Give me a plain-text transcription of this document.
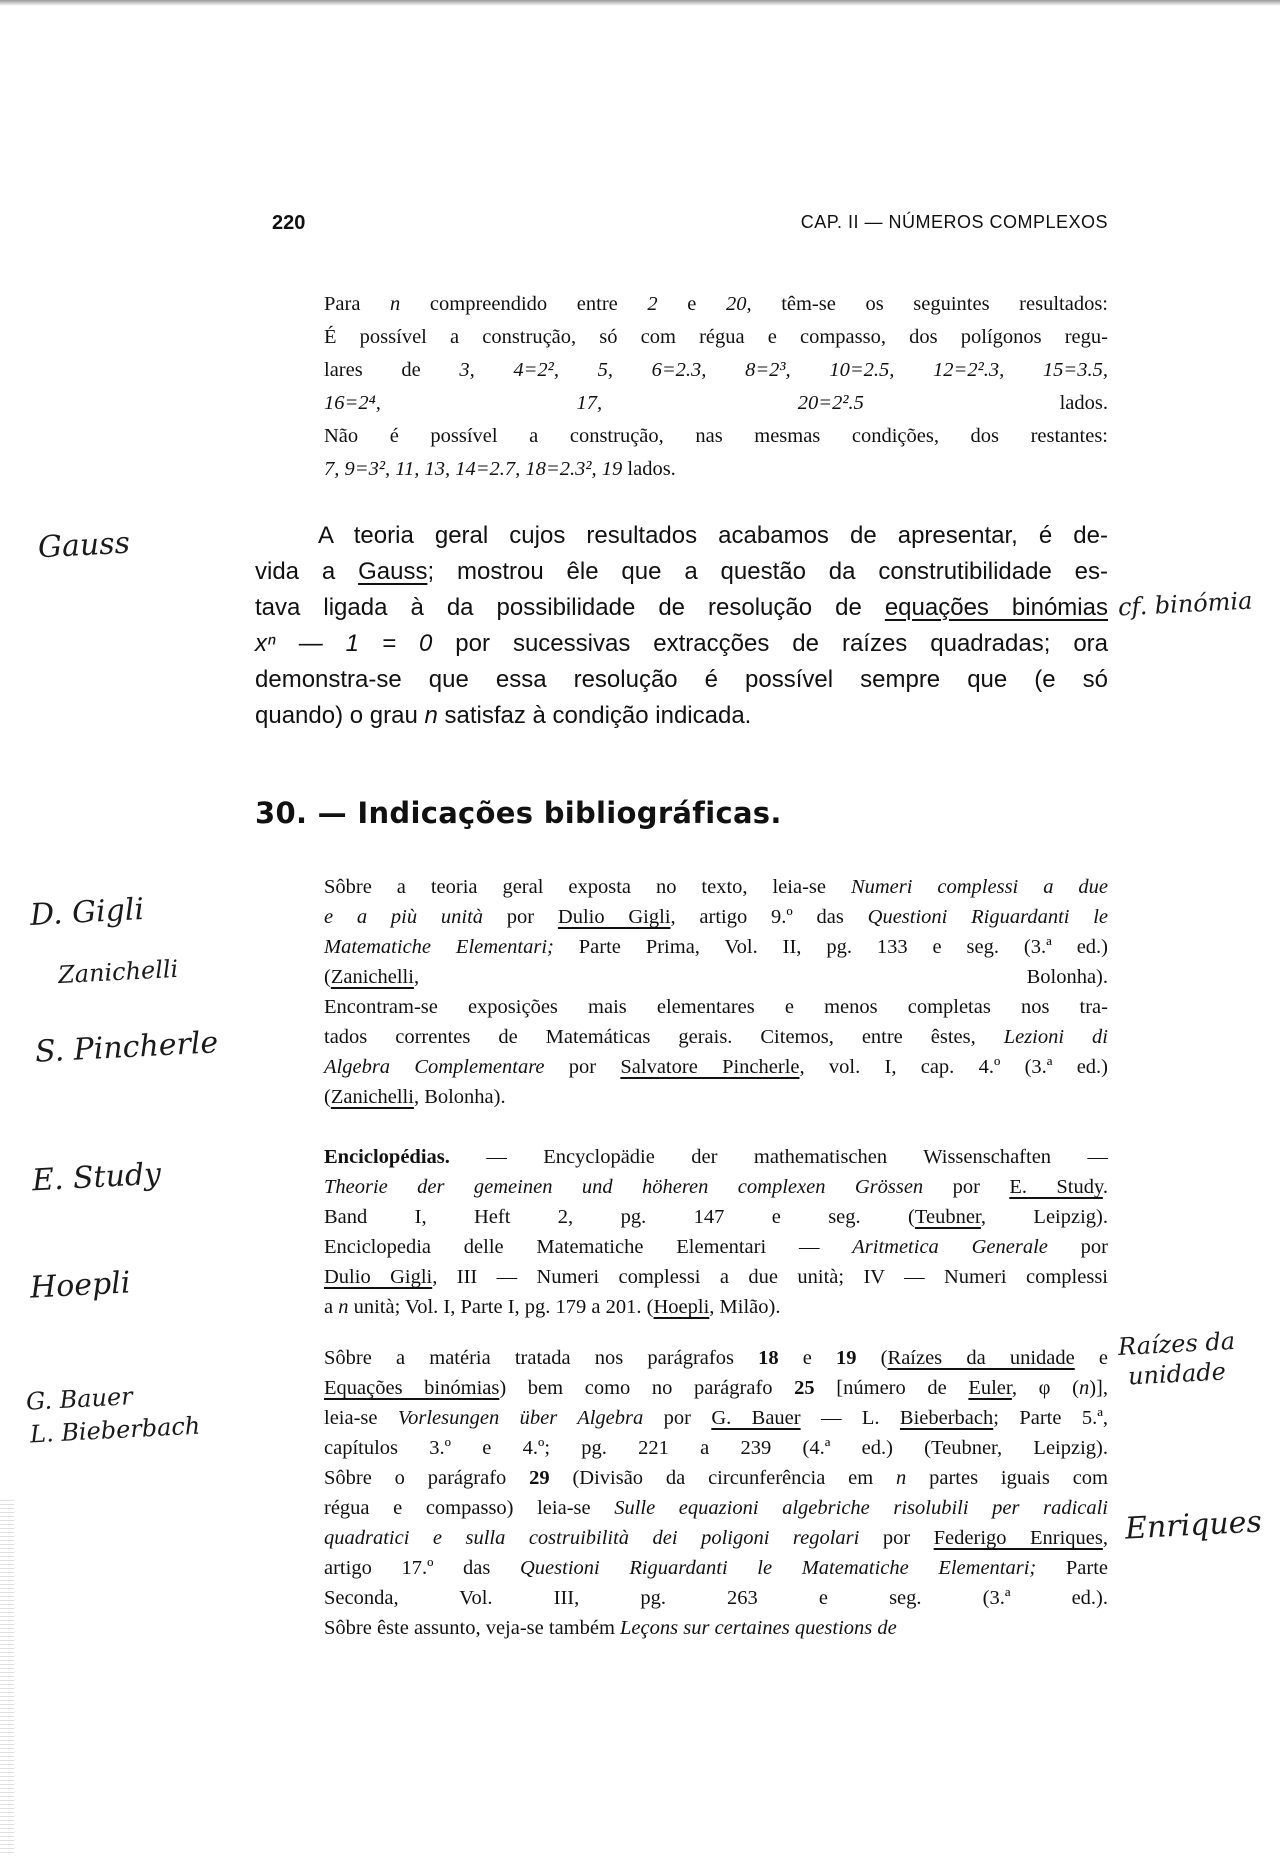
220	CAP. II — NÚMEROS COMPLEXOS
Para n compreendido entre 2 e 20, têm-se os seguintes resultados:
É possível a construção, só com régua e compasso, dos polígonos regu-
lares de 3, 4=2², 5, 6=2.3, 8=2³, 10=2.5, 12=2².3, 15=3.5,
16=2⁴, 17, 20=2².5 lados.
Não é possível a construção, nas mesmas condições, dos restantes:
7, 9=3², 11, 13, 14=2.7, 18=2.3², 19 lados.
A teoria geral cujos resultados acabamos de apresentar, é de-
vida a Gauss; mostrou êle que a questão da construtibilidade es-
tava ligada à da possibilidade de resolução de equações binómias
xⁿ — 1 = 0 por sucessivas extracções de raízes quadradas; ora
demonstra-se que essa resolução é possível sempre que (e só
quando) o grau n satisfaz à condição indicada.
30. — Indicações bibliográficas.
Sôbre a teoria geral exposta no texto, leia-se Numeri complessi a due
e a più unità por Dulio Gigli, artigo 9.º das Questioni Riguardanti le
Matematiche Elementari; Parte Prima, Vol. II, pg. 133 e seg. (3.ª ed.)
(Zanichelli, Bolonha).
Encontram-se exposições mais elementares e menos completas nos tra-
tados correntes de Matemáticas gerais. Citemos, entre êstes, Lezioni di
Algebra Complementare por Salvatore Pincherle, vol. I, cap. 4.º (3.ª ed.)
(Zanichelli, Bolonha).
Enciclopédias. — Encyclopädie der mathematischen Wissenschaften —
Theorie der gemeinen und höheren complexen Grössen por E. Study.
Band I, Heft 2, pg. 147 e seg. (Teubner, Leipzig).
Enciclopedia delle Matematiche Elementari — Aritmetica Generale por
Dulio Gigli, III — Numeri complessi a due unità; IV — Numeri complessi
a n unità; Vol. I, Parte I, pg. 179 a 201. (Hoepli, Milão).
Sôbre a matéria tratada nos parágrafos 18 e 19 (Raízes da unidade e
Equações binómias) bem como no parágrafo 25 [número de Euler, φ (n)],
leia-se Vorlesungen über Algebra por G. Bauer — L. Bieberbach; Parte 5.ª,
capítulos 3.º e 4.º; pg. 221 a 239 (4.ª ed.) (Teubner, Leipzig).
Sôbre o parágrafo 29 (Divisão da circunferência em n partes iguais com
régua e compasso) leia-se Sulle equazioni algebriche risolubili per radicali
quadratici e sulla costruibilità dei poligoni regolari por Federigo Enriques,
artigo 17.º das Questioni Riguardanti le Matematiche Elementari; Parte
Seconda, Vol. III, pg. 263 e seg. (3.ª ed.).
Sôbre êste assunto, veja-se também Leçons sur certaines questions de
Gauss
cf. binómia
D. Gigli
Zanichelli
S. Pincherle
E. Study
Hoepli
G. Bauer
L. Bieberbach
Raízes da
unidade
Enriques
